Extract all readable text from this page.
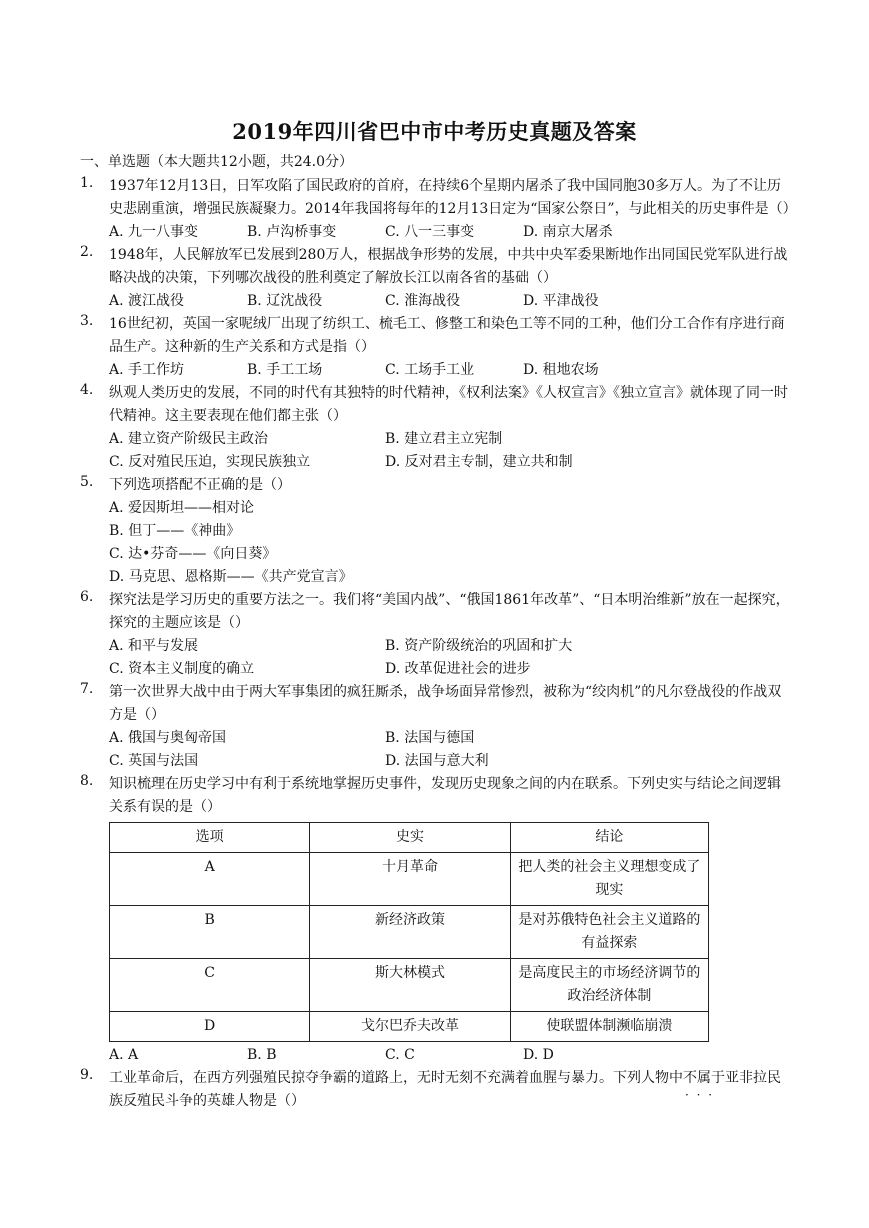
2019年四川省巴中市中考历史真题及答案
一、单选题（本大题共12小题，共24.0分）
1.	1937年12月13日，日军攻陷了国民政府的首府，在持续6个星期内屠杀了我中国同胞30多万人。为了不让历史悲剧重演，增强民族凝聚力。2014年我国将每年的12月13日定为“国家公祭日”，与此相关的历史事件是（）
A. 九一八事变	B. 卢沟桥事变	C. 八一三事变	D. 南京大屠杀
2.	1948年，人民解放军已发展到280万人，根据战争形势的发展，中共中央军委果断地作出同国民党军队进行战略决战的决策，下列哪次战役的胜利奠定了解放长江以南各省的基础（）
A. 渡江战役	B. 辽沈战役	C. 淮海战役	D. 平津战役
3.	16世纪初，英国一家呢绒厂出现了纺织工、梳毛工、修整工和染色工等不同的工种，他们分工合作有序进行商品生产。这种新的生产关系和方式是指（）
A. 手工作坊	B. 手工工场	C. 工场手工业	D. 租地农场
4.	纵观人类历史的发展，不同的时代有其独特的时代精神，《权利法案》《人权宣言》《独立宣言》就体现了同一时代精神。这主要表现在他们都主张（）
A. 建立资产阶级民主政治	B. 建立君主立宪制
C. 反对殖民压迫，实现民族独立	D. 反对君主专制，建立共和制
5.	下列选项搭配不正确的是（）
A. 爱因斯坦——相对论
B. 但丁——《神曲》
C. 达•芬奇——《向日葵》
D. 马克思、恩格斯——《共产党宣言》
6.	探究法是学习历史的重要方法之一。我们将“美国内战”、“俄国1861年改革”、“日本明治维新”放在一起探究，探究的主题应该是（）
A. 和平与发展	B. 资产阶级统治的巩固和扩大
C. 资本主义制度的确立	D. 改革促进社会的进步
7.	第一次世界大战中由于两大军事集团的疯狂厮杀，战争场面异常惨烈，被称为“绞肉机”的凡尔登战役的作战双方是（）
A. 俄国与奥匈帝国	B. 法国与德国
C. 英国与法国	D. 法国与意大利
8.	知识梳理在历史学习中有利于系统地掌握历史事件，发现历史现象之间的内在联系。下列史实与结论之间逻辑关系有误的是（）
选项	史实	结论
A	十月革命	把人类的社会主义理想变成了现实
B	新经济政策	是对苏俄特色社会主义道路的有益探索
C	斯大林模式	是高度民主的市场经济调节的政治经济体制
D	戈尔巴乔夫改革	使联盟体制濒临崩溃
A. A	B. B	C. C	D. D
9.	工业革命后，在西方列强殖民掠夺争霸的道路上，无时无刻不充满着血腥与暴力。下列人物中不属于 · · ·亚非拉民族反殖民斗争的英雄人物是（）
